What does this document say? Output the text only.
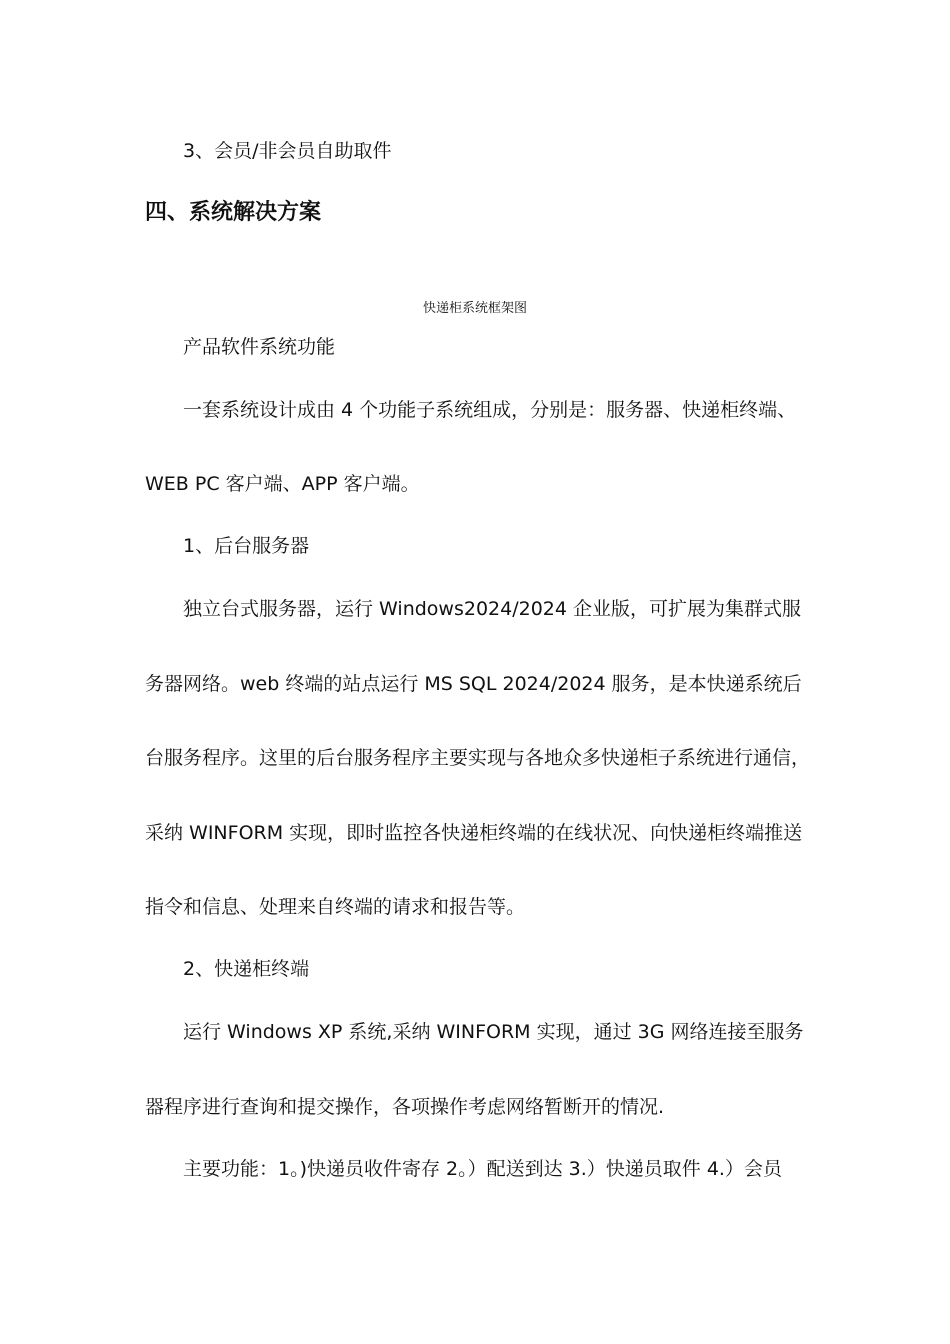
3、会员/非会员自助取件
四、系统解决方案
快递柜系统框架图
产品软件系统功能
一套系统设计成由 4 个功能子系统组成，分别是：服务器、快递柜终端、
WEB PC 客户端、APP 客户端。
1、后台服务器
独立台式服务器，运行 Windows2024/2024 企业版，可扩展为集群式服
务器网络。web 终端的站点运行 MS SQL 2024/2024 服务，是本快递系统后
台服务程序。这里的后台服务程序主要实现与各地众多快递柜子系统进行通信，
采纳 WINFORM 实现，即时监控各快递柜终端的在线状况、向快递柜终端推送
指令和信息、处理来自终端的请求和报告等。
2、快递柜终端
运行 Windows XP 系统,采纳 WINFORM 实现，通过 3G 网络连接至服务
器程序进行查询和提交操作，各项操作考虑网络暂断开的情况.
主要功能：1。)快递员收件寄存 2。）配送到达 3.）快递员取件 4.）会员
